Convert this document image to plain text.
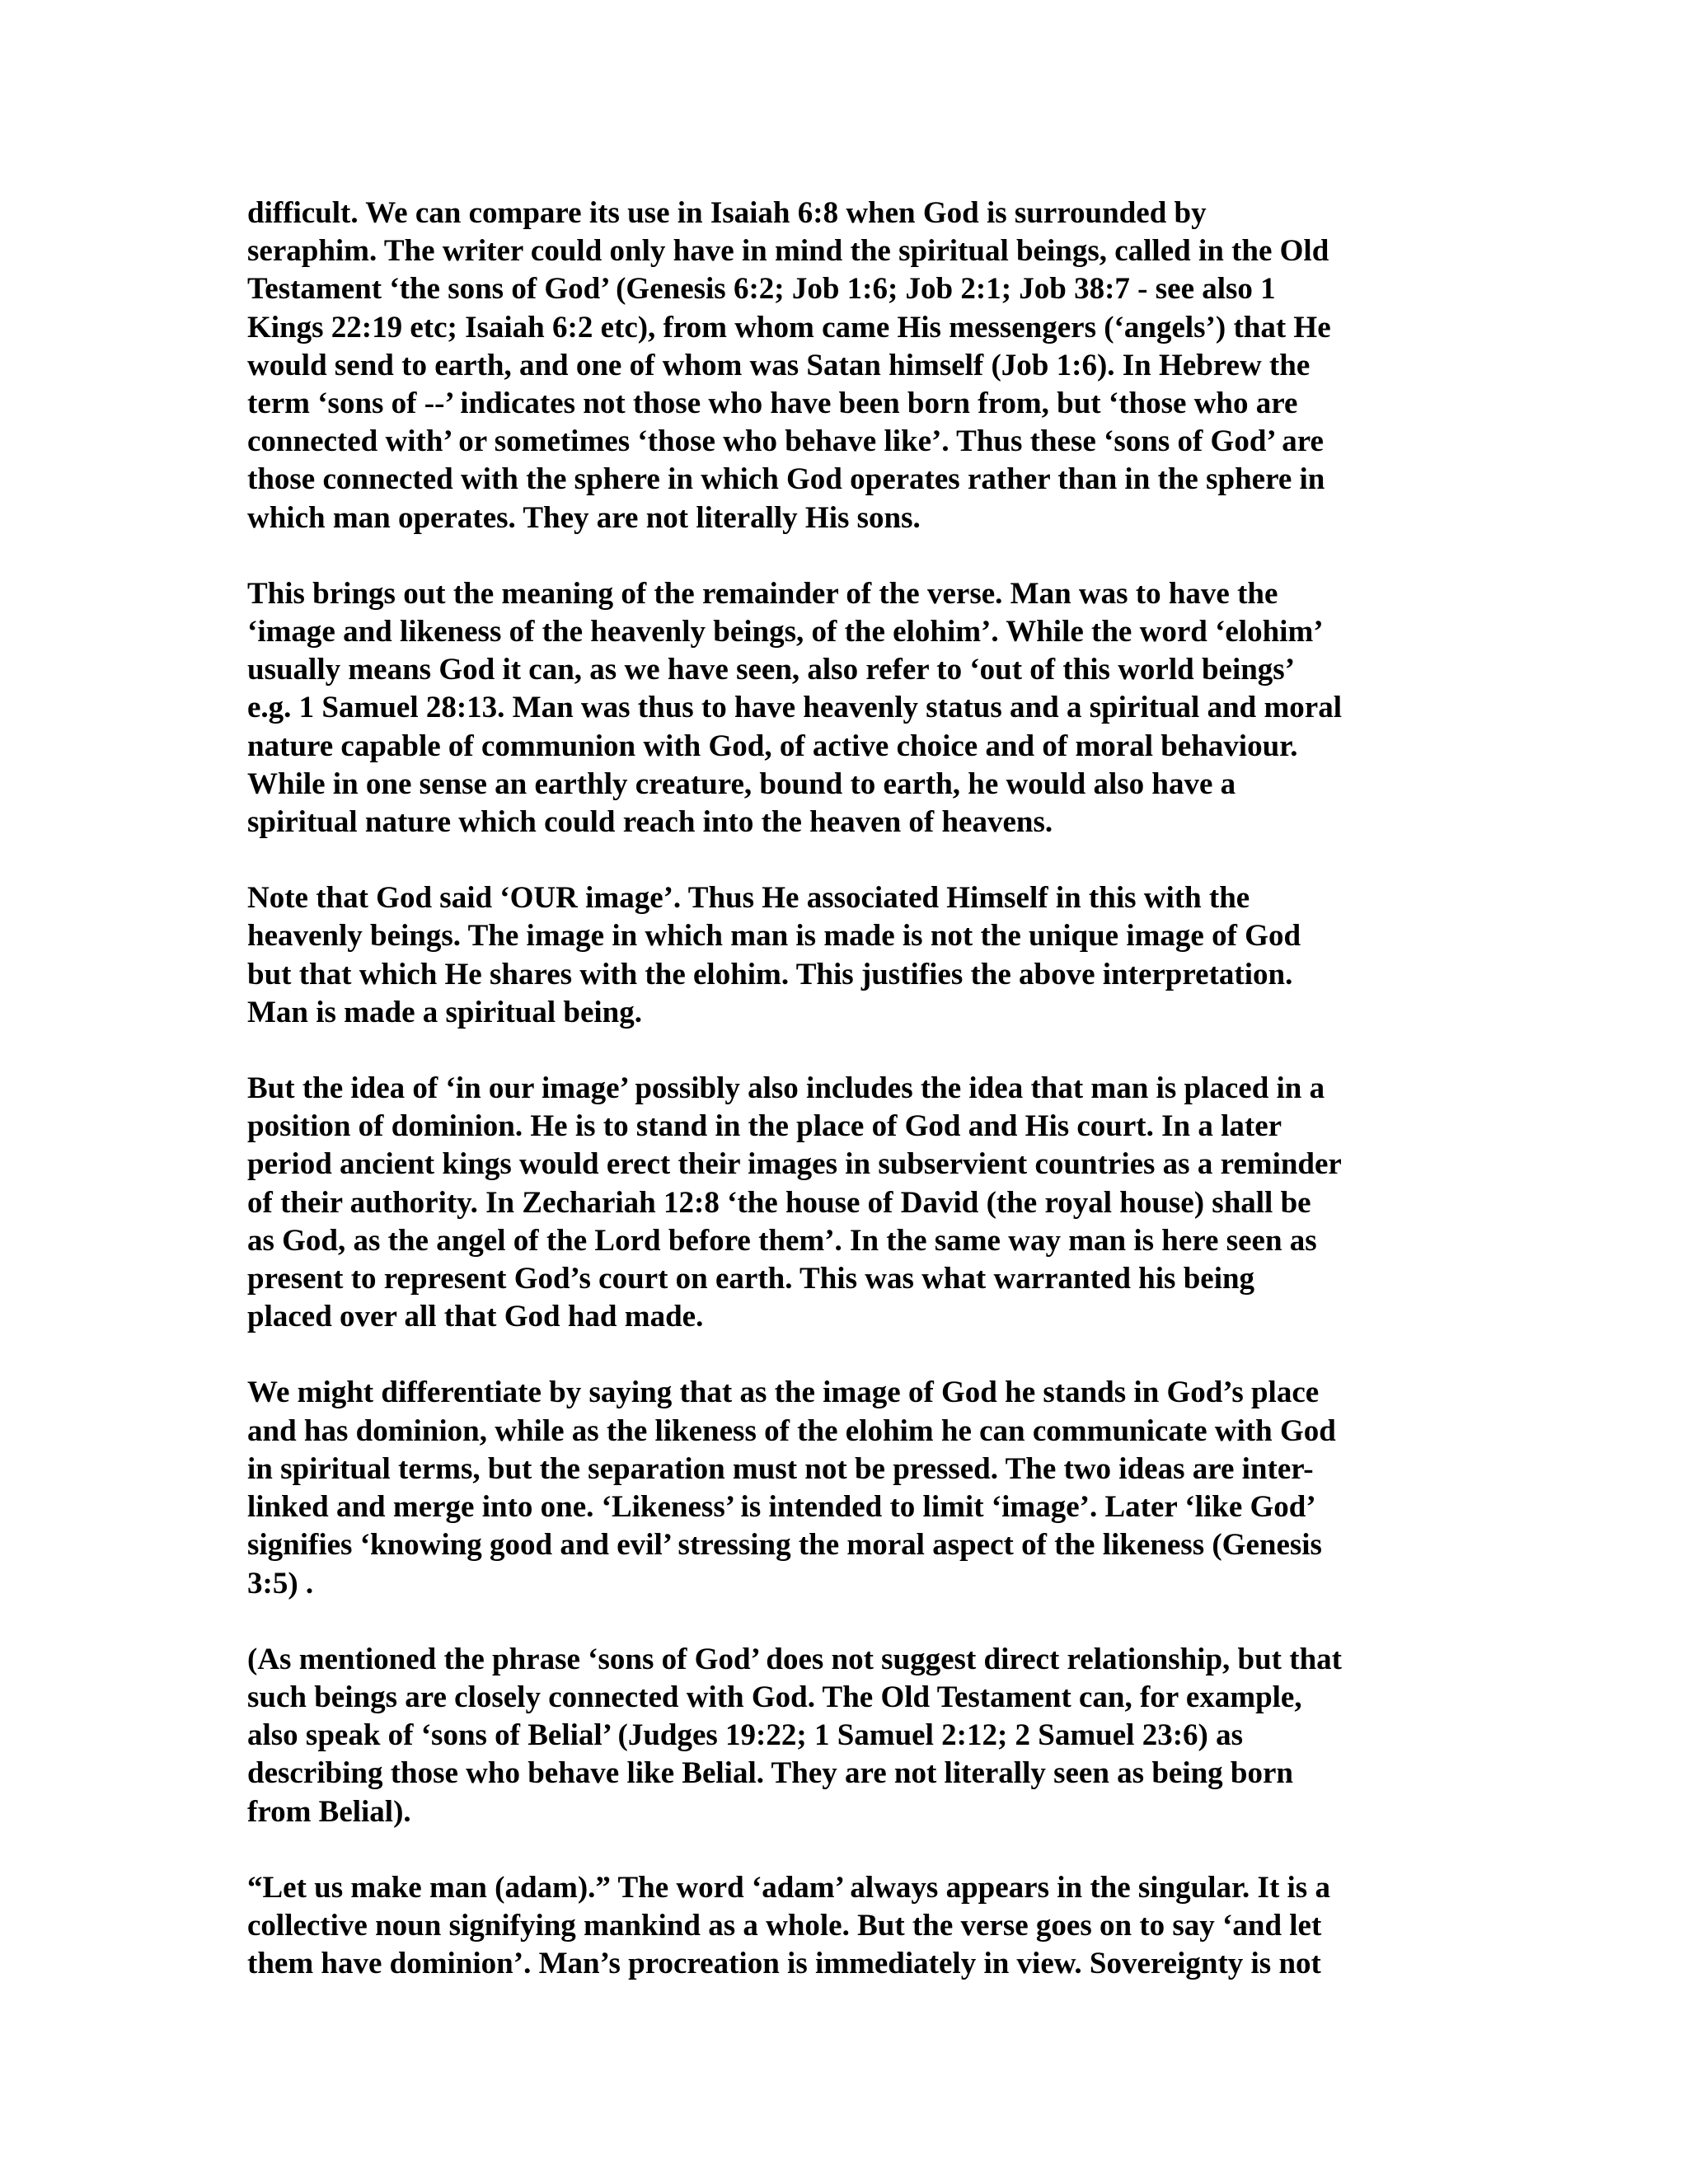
difficult. We can compare its use in Isaiah 6:8 when God is surrounded by
seraphim. The writer could only have in mind the spiritual beings, called in the Old
Testament ‘the sons of God’ (Genesis 6:2; Job 1:6; Job 2:1; Job 38:7 - see also 1
Kings 22:19 etc; Isaiah 6:2 etc), from whom came His messengers (‘angels’) that He
would send to earth, and one of whom was Satan himself (Job 1:6). In Hebrew the
term ‘sons of --’ indicates not those who have been born from, but ‘those who are
connected with’ or sometimes ‘those who behave like’. Thus these ‘sons of God’ are
those connected with the sphere in which God operates rather than in the sphere in
which man operates. They are not literally His sons.

This brings out the meaning of the remainder of the verse. Man was to have the
‘image and likeness of the heavenly beings, of the elohim’. While the word ‘elohim’
usually means God it can, as we have seen, also refer to ‘out of this world beings’
e.g. 1 Samuel 28:13. Man was thus to have heavenly status and a spiritual and moral
nature capable of communion with God, of active choice and of moral behaviour.
While in one sense an earthly creature, bound to earth, he would also have a
spiritual nature which could reach into the heaven of heavens.

Note that God said ‘OUR image’. Thus He associated Himself in this with the
heavenly beings. The image in which man is made is not the unique image of God
but that which He shares with the elohim. This justifies the above interpretation.
Man is made a spiritual being.

But the idea of ‘in our image’ possibly also includes the idea that man is placed in a
position of dominion. He is to stand in the place of God and His court. In a later
period ancient kings would erect their images in subservient countries as a reminder
of their authority. In Zechariah 12:8 ‘the house of David (the royal house) shall be
as God, as the angel of the Lord before them’. In the same way man is here seen as
present to represent God’s court on earth. This was what warranted his being
placed over all that God had made.

We might differentiate by saying that as the image of God he stands in God’s place
and has dominion, while as the likeness of the elohim he can communicate with God
in spiritual terms, but the separation must not be pressed. The two ideas are inter-
linked and merge into one. ‘Likeness’ is intended to limit ‘image’. Later ‘like God’
signifies ‘knowing good and evil’ stressing the moral aspect of the likeness (Genesis
3:5) .

(As mentioned the phrase ‘sons of God’ does not suggest direct relationship, but that
such beings are closely connected with God. The Old Testament can, for example,
also speak of ‘sons of Belial’ (Judges 19:22; 1 Samuel 2:12; 2 Samuel 23:6) as
describing those who behave like Belial. They are not literally seen as being born
from Belial).

“Let us make man (adam).” The word ‘adam’ always appears in the singular. It is a
collective noun signifying mankind as a whole. But the verse goes on to say ‘and let
them have dominion’. Man’s procreation is immediately in view. Sovereignty is not
